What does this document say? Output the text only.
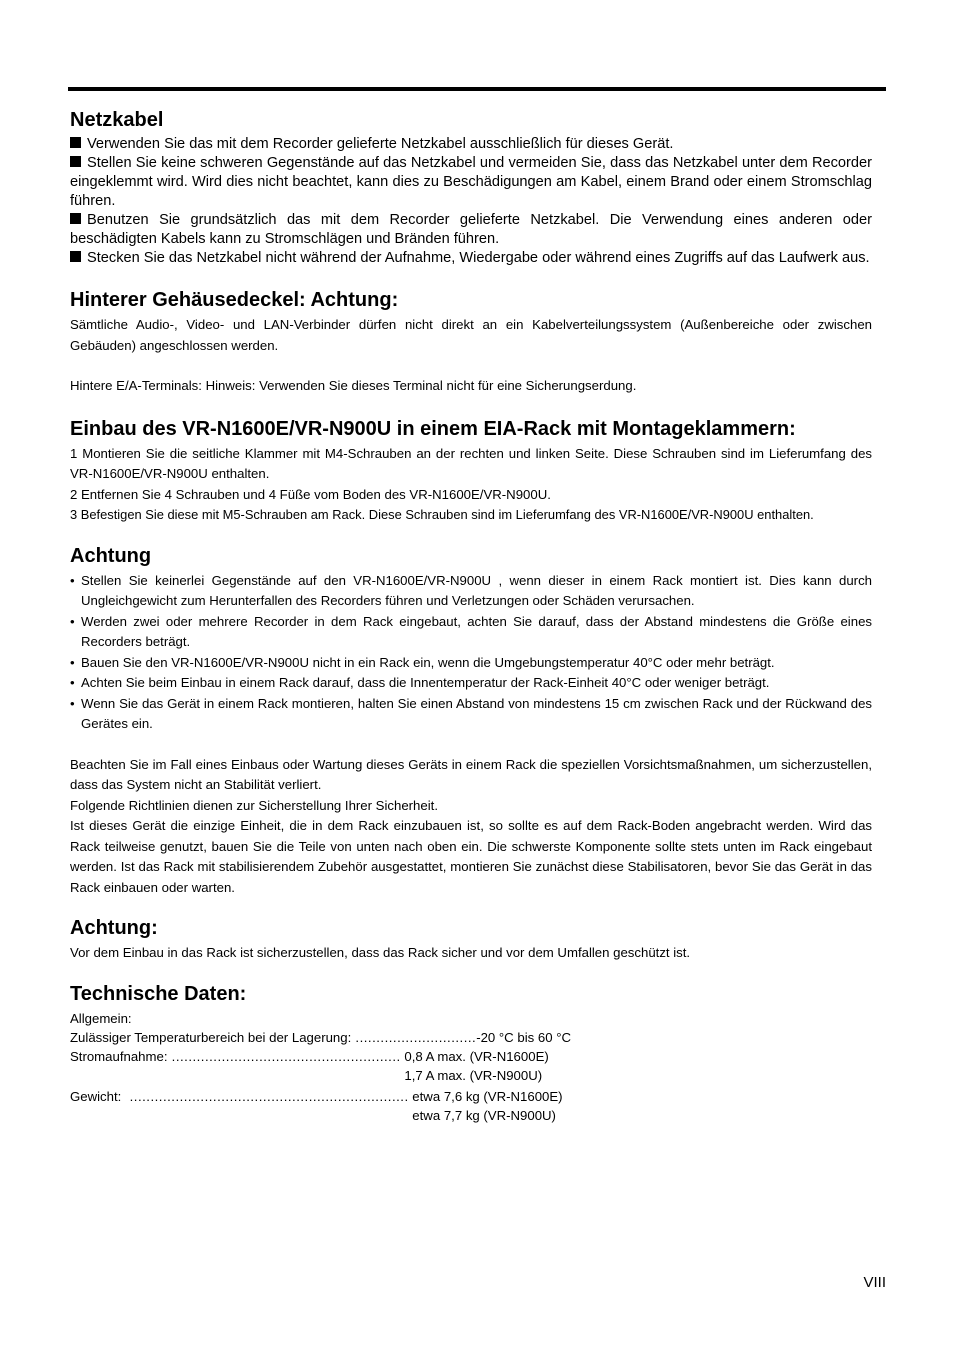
Netzkabel

Verwenden Sie das mit dem Recorder gelieferte Netzkabel ausschließlich für dieses Gerät.

Stellen Sie keine schweren Gegenstände auf das Netzkabel und vermeiden Sie, dass das Netzkabel unter dem Recorder eingeklemmt wird. Wird dies nicht beachtet, kann dies zu Beschädigungen am Kabel, einem Brand oder einem Stromschlag führen.

Benutzen Sie grundsätzlich das mit dem Recorder gelieferte Netzkabel. Die Verwendung eines anderen oder beschädigten Kabels kann zu Stromschlägen und Bränden führen.

Stecken Sie das Netzkabel nicht während der Aufnahme, Wiedergabe oder während eines Zugriffs auf das Laufwerk aus.

Hinterer Gehäusedeckel: Achtung:

Sämtliche Audio-, Video- und LAN-Verbinder dürfen nicht direkt an ein Kabelverteilungssystem (Außenbereiche oder zwischen Gebäuden) angeschlossen werden.

Hintere E/A-Terminals: Hinweis: Verwenden Sie dieses Terminal nicht für eine Sicherungserdung.

Einbau des VR-N1600E/VR-N900U in einem EIA-Rack mit Montageklammern:

1 Montieren Sie die seitliche Klammer mit M4-Schrauben an der rechten und linken Seite. Diese Schrauben sind im Lieferumfang des VR-N1600E/VR-N900U enthalten.

2 Entfernen Sie 4 Schrauben und 4 Füße vom Boden des VR-N1600E/VR-N900U.

3 Befestigen Sie diese mit M5-Schrauben am Rack. Diese Schrauben sind im Lieferumfang des VR-N1600E/VR-N900U enthalten.

Achtung
• Stellen Sie keinerlei Gegenstände auf den VR-N1600E/VR-N900U , wenn dieser in einem Rack montiert ist. Dies kann durch Ungleichgewicht zum Herunterfallen des Recorders führen und Verletzungen oder Schäden verursachen.
• Werden zwei oder mehrere Recorder in dem Rack eingebaut, achten Sie darauf, dass der Abstand mindestens die Größe eines Recorders beträgt.
• Bauen Sie den VR-N1600E/VR-N900U nicht in ein Rack ein, wenn die Umgebungstemperatur 40°C oder mehr beträgt.
• Achten Sie beim Einbau in einem Rack darauf, dass die Innentemperatur der Rack-Einheit 40°C oder weniger beträgt.
• Wenn Sie das Gerät in einem Rack montieren, halten Sie einen Abstand von mindestens 15 cm zwischen Rack und der Rückwand des Gerätes ein.

Beachten Sie im Fall eines Einbaus oder Wartung dieses Geräts in einem Rack die speziellen Vorsichtsmaßnahmen, um sicherzustellen, dass das System nicht an Stabilität verliert.

Folgende Richtlinien dienen zur Sicherstellung Ihrer Sicherheit.

Ist dieses Gerät die einzige Einheit, die in dem Rack einzubauen ist, so sollte es auf dem Rack-Boden angebracht werden. Wird das Rack teilweise genutzt, bauen Sie die Teile von unten nach oben ein. Die schwerste Komponente sollte stets unten im Rack eingebaut werden. Ist das Rack mit stabilisierendem Zubehör ausgestattet, montieren Sie zunächst diese Stabilisatoren, bevor Sie das Gerät in das Rack einbauen oder warten.

Achtung:

Vor dem Einbau in das Rack ist sicherzustellen, dass das Rack sicher und vor dem Umfallen geschützt ist.

Technische Daten:
Allgemein:
Zulässiger Temperaturbereich bei der Lagerung: ............................. -20 °C bis 60 °C
Stromaufnahme: ....................................................... 0,8 A max. (VR-N1600E)
1,7 A max. (VR-N900U)
Gewicht: ................................................................... etwa 7,6 kg (VR-N1600E)
etwa 7,7 kg (VR-N900U)
VIII
